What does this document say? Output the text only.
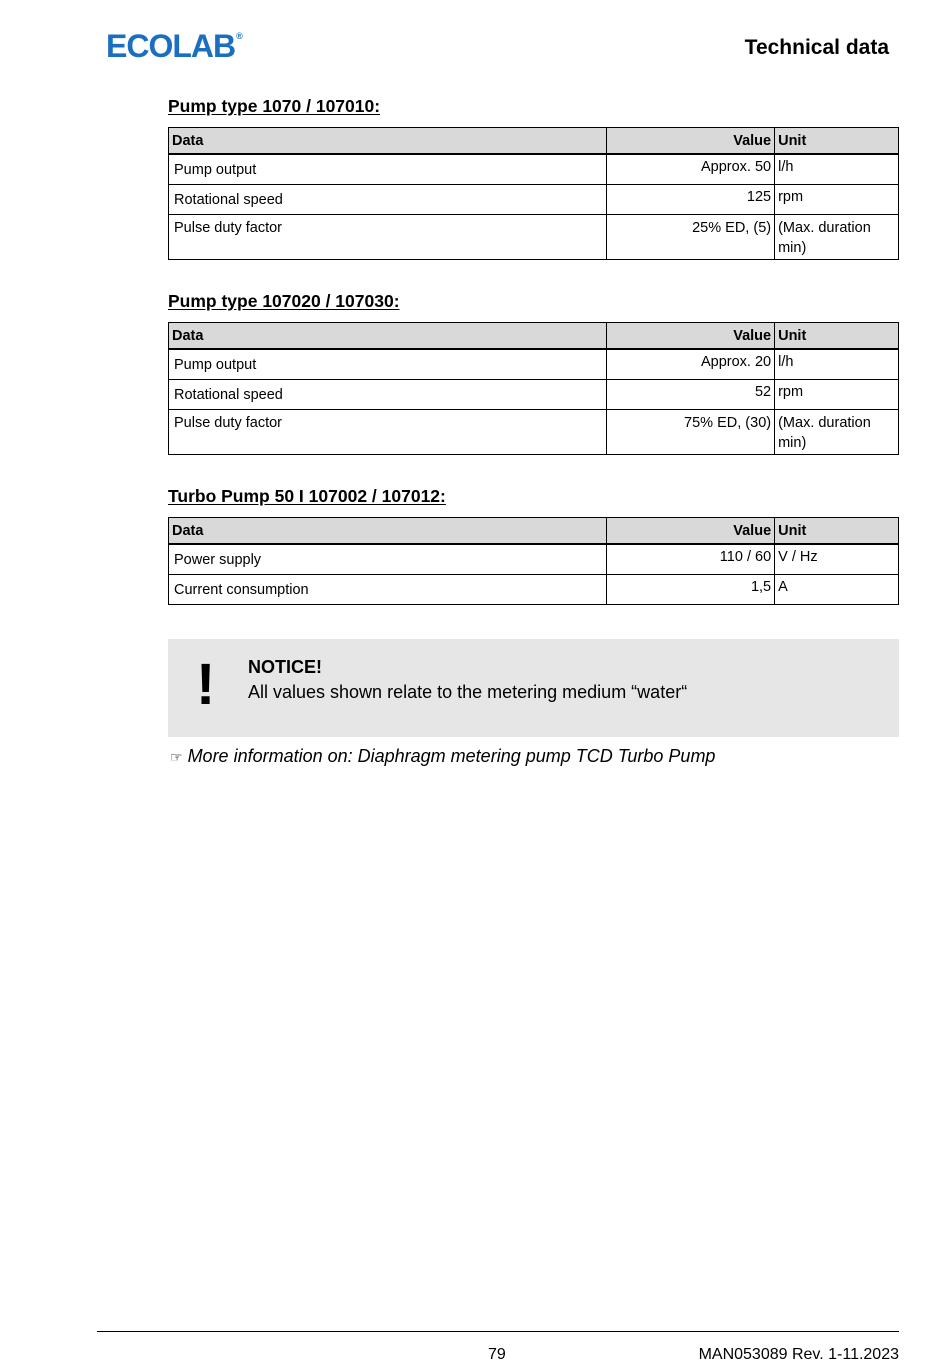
ECOLAB ®	Technical data
Pump type 1070 / 107010:
Data	Value	Unit
Pump output	Approx. 50	l/h
Rotational speed	125	rpm
Pulse duty factor	25% ED, (5)	(Max. duration min)
Pump type 107020 / 107030:
Data	Value	Unit
Pump output	Approx. 20	l/h
Rotational speed	52	rpm
Pulse duty factor	75% ED, (30)	(Max. duration min)
Turbo Pump 50 I 107002 / 107012:
Data	Value	Unit
Power supply	110 / 60	V / Hz
Current consumption	1,5	A
! NOTICE!
All values shown relate to the metering medium “water“
☞ More information on: Diaphragm metering pump TCD Turbo Pump
79	MAN053089 Rev. 1-11.2023
